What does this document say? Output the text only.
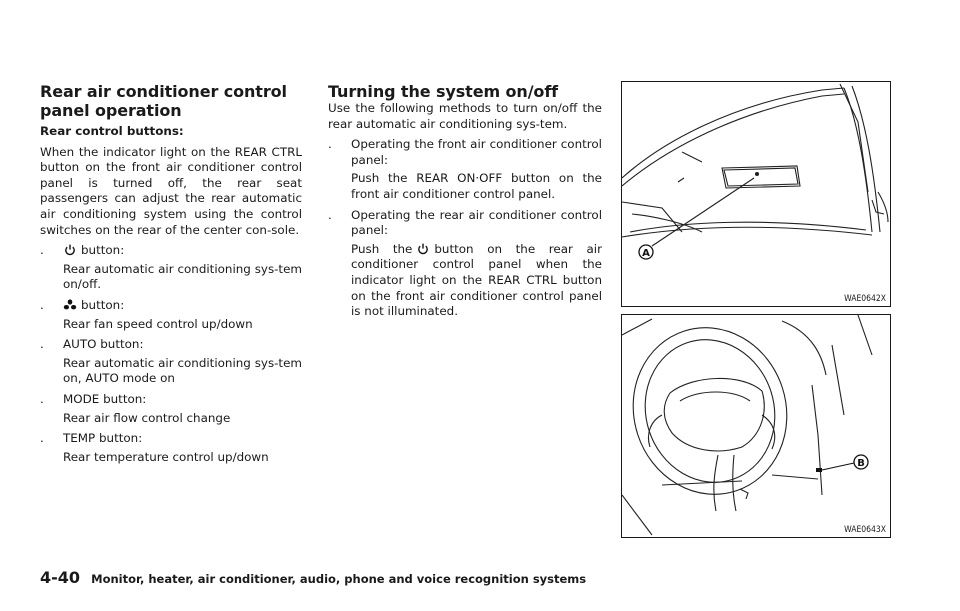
Rear air conditioner control panel operation

Rear control buttons:

When the indicator light on the REAR CTRL button on the front air conditioner control panel is turned off, the rear seat passengers can adjust the rear automatic air conditioning system using the control switches on the rear of the center con-sole.

.	button:
Rear automatic air conditioning sys-tem on/off.
.	button:
Rear fan speed control up/down
. AUTO button:
Rear automatic air conditioning sys-tem on, AUTO mode on
. MODE button:
Rear air flow control change
. TEMP button:
Rear temperature control up/down
Turning the system on/off

Use the following methods to turn on/off the rear automatic air conditioning sys-tem.

. Operating the front air conditioner control panel:
Push the REAR ON·OFF button on the front air conditioner control panel.
. Operating the rear air conditioner control panel:
Push the button on the rear air conditioner control panel when the indicator light on the REAR CTRL button on the front air conditioner control panel is not illuminated.
A
WAE0642X
B
WAE0643X
4-40 Monitor, heater, air conditioner, audio, phone and voice recognition systems
